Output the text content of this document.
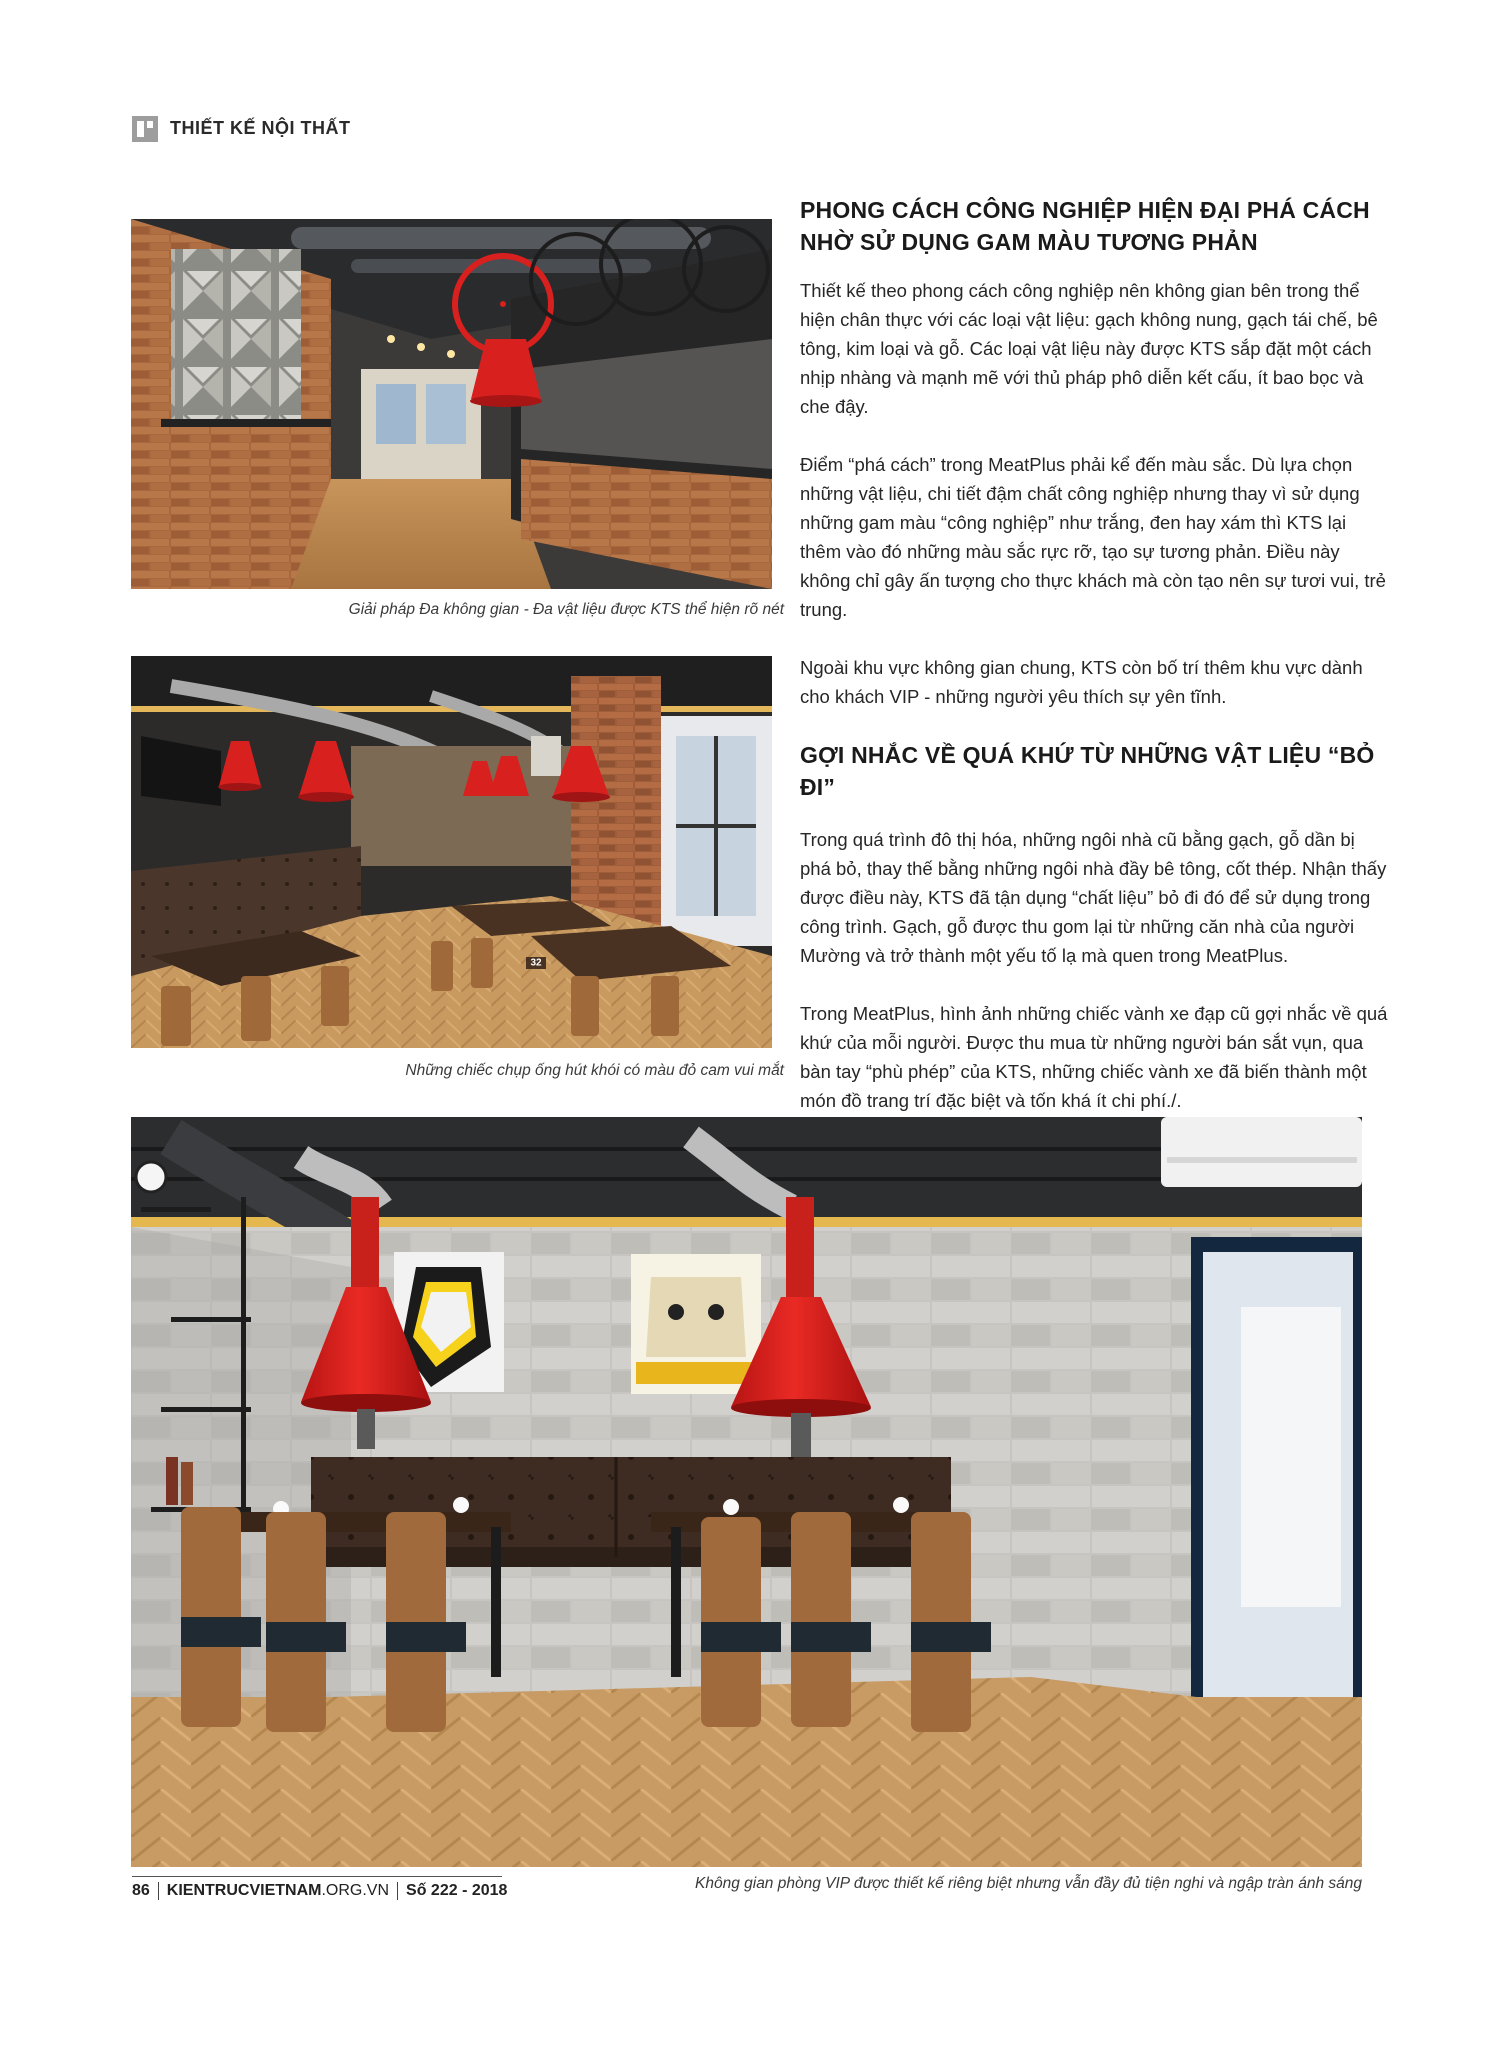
THIẾT KẾ NỘI THẤT
Giải pháp Đa không gian - Đa vật liệu được KTS thể hiện rõ nét
32
Những chiếc chụp ống hút khói có màu đỏ cam vui mắt
Không gian phòng VIP được thiết kế riêng biệt nhưng vẫn đầy đủ tiện nghi và ngập tràn ánh sáng
PHONG CÁCH CÔNG NGHIỆP HIỆN ĐẠI PHÁ CÁCH NHỜ SỬ DỤNG GAM MÀU TƯƠNG PHẢN

Thiết kế theo phong cách công nghiệp nên không gian bên trong thể hiện chân thực với các loại vật liệu: gạch không nung, gạch tái chế, bê tông, kim loại và gỗ. Các loại vật liệu này được KTS sắp đặt một cách nhịp nhàng và mạnh mẽ với thủ pháp phô diễn kết cấu, ít bao bọc và che đậy.

Điểm “phá cách” trong MeatPlus phải kể đến màu sắc. Dù lựa chọn những vật liệu, chi tiết đậm chất công nghiệp nhưng thay vì sử dụng những gam màu “công nghiệp” như trắng, đen hay xám thì KTS lại thêm vào đó những màu sắc rực rỡ, tạo sự tương phản. Điều này không chỉ gây ấn tượng cho thực khách mà còn tạo nên sự tươi vui, trẻ trung.

Ngoài khu vực không gian chung, KTS còn bố trí thêm khu vực dành cho khách VIP - những người yêu thích sự yên tĩnh.

GỢI NHẮC VỀ QUÁ KHỨ TỪ NHỮNG VẬT LIỆU “BỎ ĐI”

Trong quá trình đô thị hóa, những ngôi nhà cũ bằng gạch, gỗ dần bị phá bỏ, thay thế bằng những ngôi nhà đầy bê tông, cốt thép. Nhận thấy được điều này, KTS đã tận dụng “chất liệu” bỏ đi đó để sử dụng trong công trình. Gạch, gỗ được thu gom lại từ những căn nhà của người Mường và trở thành một yếu tố lạ mà quen trong MeatPlus.

Trong MeatPlus, hình ảnh những chiếc vành xe đạp cũ gợi nhắc về quá khứ của mỗi người. Được thu mua từ những người bán sắt vụn, qua bàn tay “phù phép” của KTS, những chiếc vành xe đã biến thành một món đồ trang trí đặc biệt và tốn khá ít chi phí./.

86 KIENTRUCVIETNAM .ORG.VN Số 222 - 2018
